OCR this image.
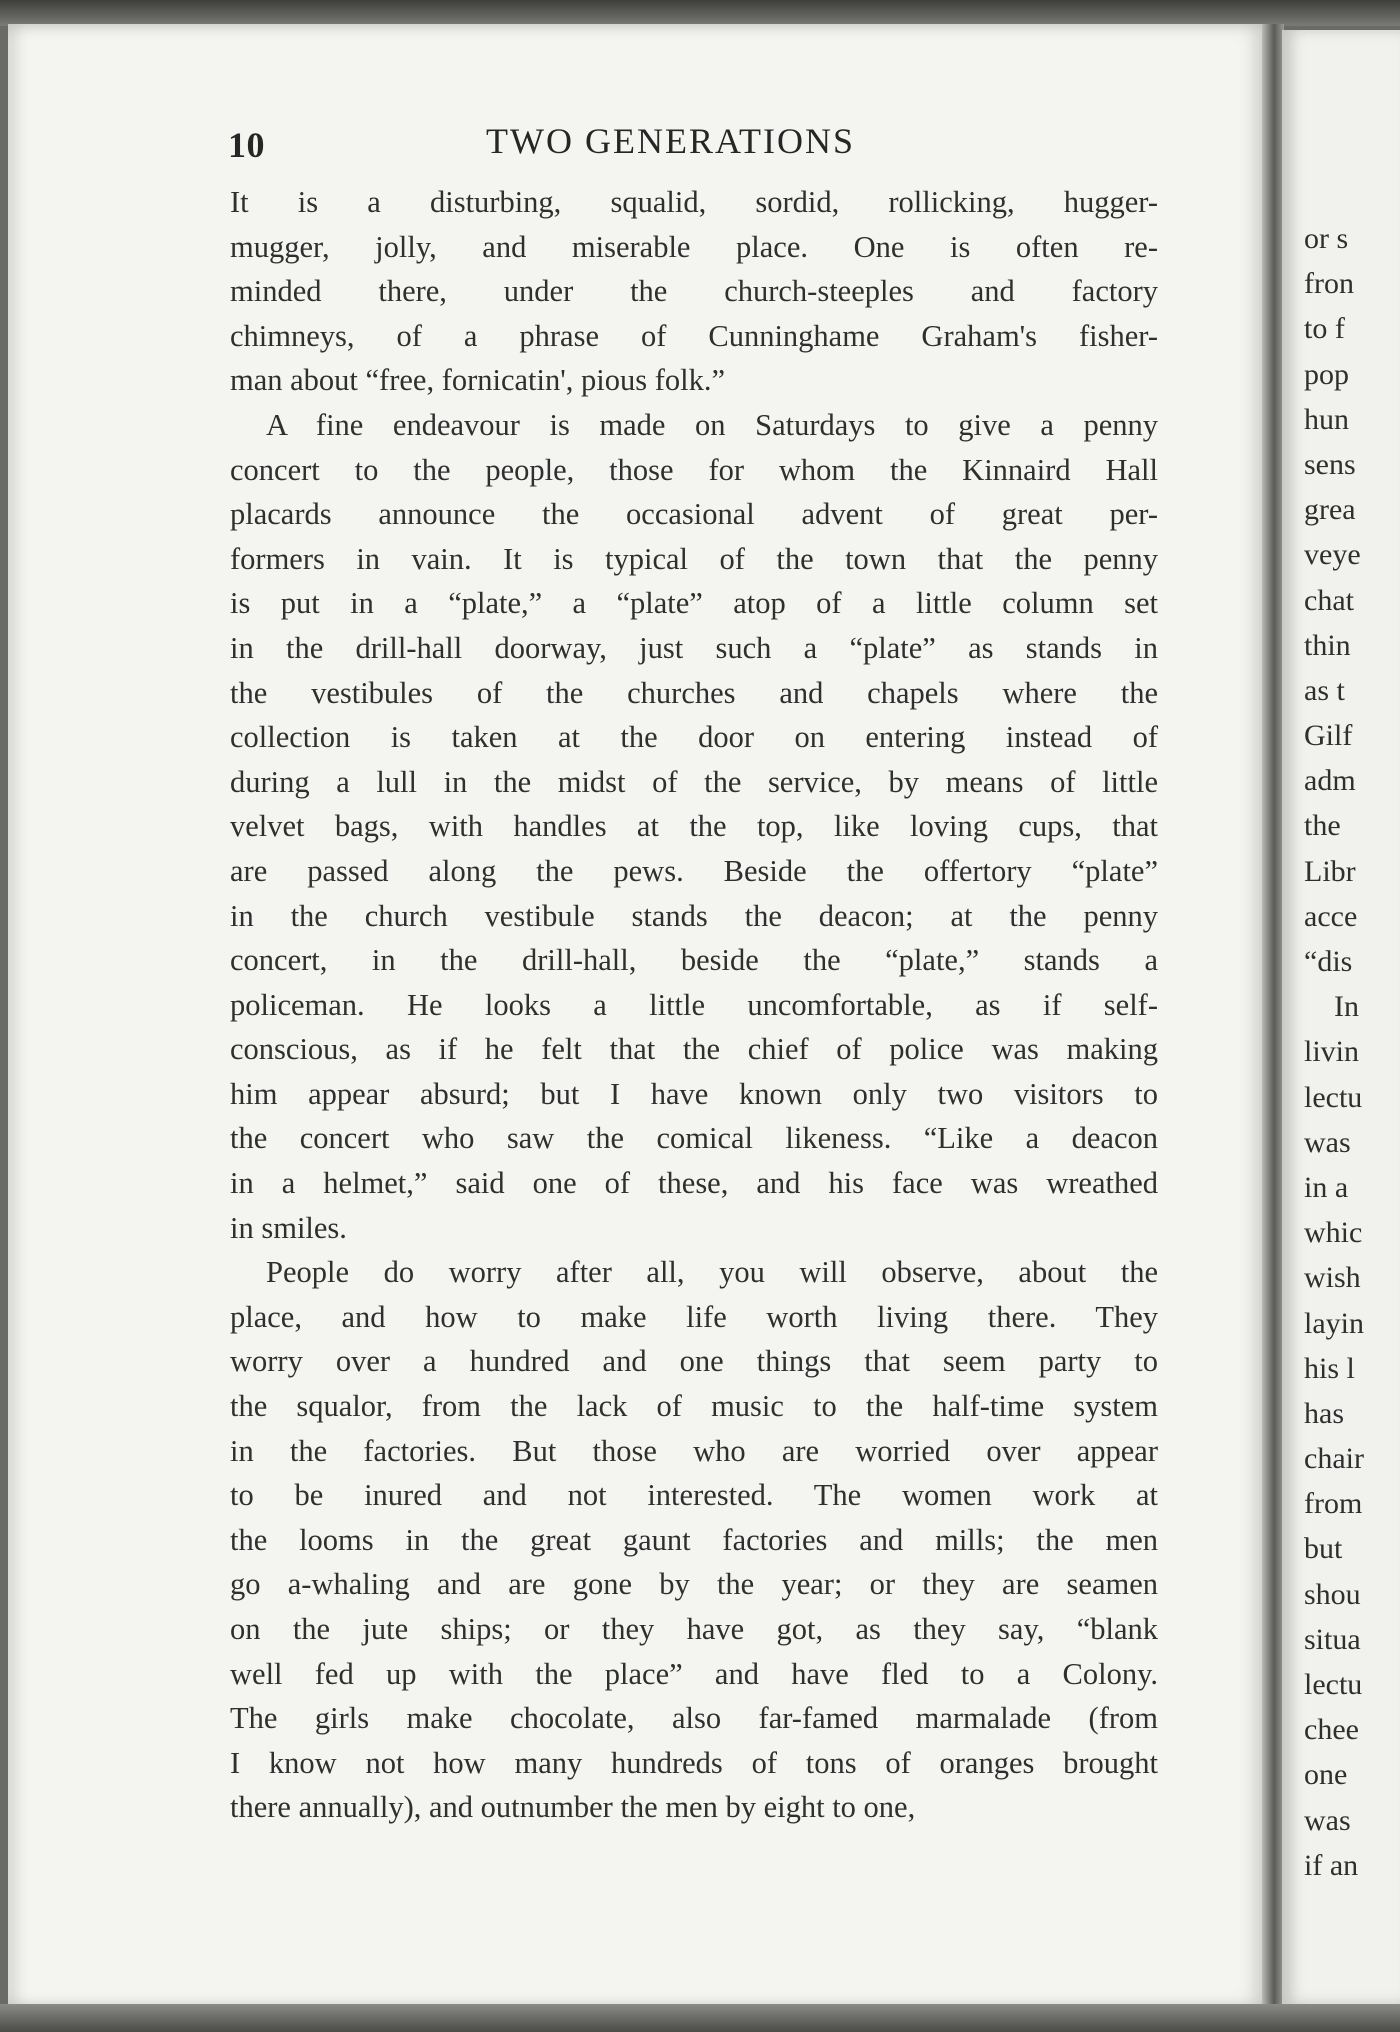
or s
fron
to f
pop
hun
sens
grea
veye
chat
thin
as t
Gilf
adm
the
Libr
acce
“dis
In
livin
lectu
was
in a
whic
wish
layin
his l
has
chair
from
but
shou
situa
lectu
chee
one
was
if an
10	TWO GENERATIONS
It is a disturbing, squalid, sordid, rollicking, hugger-
mugger, jolly, and miserable place. One is often re-
minded there, under the church-steeples and factory
chimneys, of a phrase of Cunninghame Graham's fisher-
man about “free, fornicatin', pious folk.”
A fine endeavour is made on Saturdays to give a penny
concert to the people, those for whom the Kinnaird Hall
placards announce the occasional advent of great per-
formers in vain. It is typical of the town that the penny
is put in a “plate,” a “plate” atop of a little column set
in the drill-hall doorway, just such a “plate” as stands in
the vestibules of the churches and chapels where the
collection is taken at the door on entering instead of
during a lull in the midst of the service, by means of little
velvet bags, with handles at the top, like loving cups, that
are passed along the pews. Beside the offertory “plate”
in the church vestibule stands the deacon; at the penny
concert, in the drill-hall, beside the “plate,” stands a
policeman. He looks a little uncomfortable, as if self-
conscious, as if he felt that the chief of police was making
him appear absurd; but I have known only two visitors to
the concert who saw the comical likeness. “Like a deacon
in a helmet,” said one of these, and his face was wreathed
in smiles.
People do worry after all, you will observe, about the
place, and how to make life worth living there. They
worry over a hundred and one things that seem party to
the squalor, from the lack of music to the half-time system
in the factories. But those who are worried over appear
to be inured and not interested. The women work at
the looms in the great gaunt factories and mills; the men
go a-whaling and are gone by the year; or they are seamen
on the jute ships; or they have got, as they say, “blank
well fed up with the place” and have fled to a Colony.
The girls make chocolate, also far-famed marmalade (from
I know not how many hundreds of tons of oranges brought
there annually), and outnumber the men by eight to one,
